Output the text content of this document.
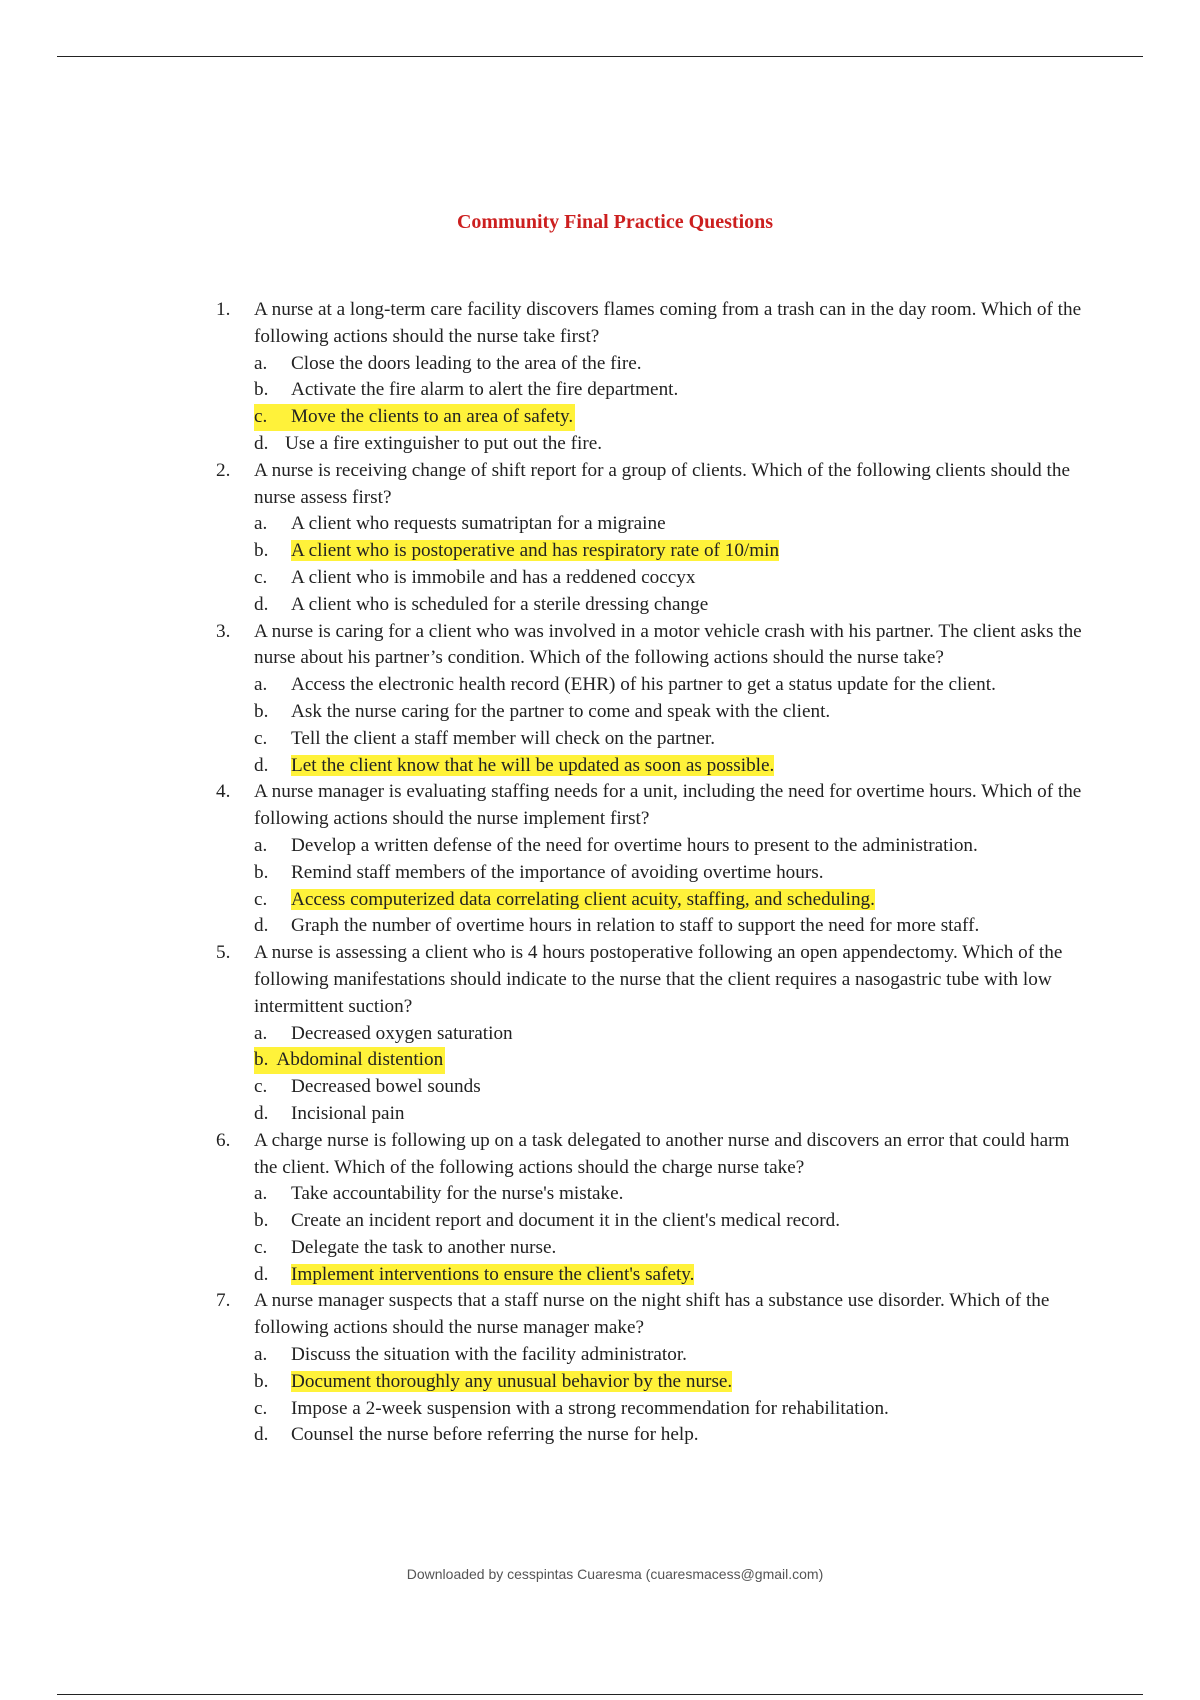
Community Final Practice Questions
1. A nurse at a long-term care facility discovers flames coming from a trash can in the day room. Which of the following actions should the nurse take first?
a. Close the doors leading to the area of the fire.
b. Activate the fire alarm to alert the fire department.
c. Move the clients to an area of safety.
d. Use a fire extinguisher to put out the fire.
2. A nurse is receiving change of shift report for a group of clients. Which of the following clients should the nurse assess first?
a. A client who requests sumatriptan for a migraine
b. A client who is postoperative and has respiratory rate of 10/min
c. A client who is immobile and has a reddened coccyx
d. A client who is scheduled for a sterile dressing change
3. A nurse is caring for a client who was involved in a motor vehicle crash with his partner. The client asks the nurse about his partner’s condition. Which of the following actions should the nurse take?
a. Access the electronic health record (EHR) of his partner to get a status update for the client.
b. Ask the nurse caring for the partner to come and speak with the client.
c. Tell the client a staff member will check on the partner.
d. Let the client know that he will be updated as soon as possible.
4. A nurse manager is evaluating staffing needs for a unit, including the need for overtime hours. Which of the following actions should the nurse implement first?
a. Develop a written defense of the need for overtime hours to present to the administration.
b. Remind staff members of the importance of avoiding overtime hours.
c. Access computerized data correlating client acuity, staffing, and scheduling.
d. Graph the number of overtime hours in relation to staff to support the need for more staff.
5. A nurse is assessing a client who is 4 hours postoperative following an open appendectomy. Which of the following manifestations should indicate to the nurse that the client requires a nasogastric tube with low intermittent suction?
a. Decreased oxygen saturation
b. Abdominal distention
c. Decreased bowel sounds
d. Incisional pain
6. A charge nurse is following up on a task delegated to another nurse and discovers an error that could harm the client. Which of the following actions should the charge nurse take?
a. Take accountability for the nurse's mistake.
b. Create an incident report and document it in the client's medical record.
c. Delegate the task to another nurse.
d. Implement interventions to ensure the client's safety.
7. A nurse manager suspects that a staff nurse on the night shift has a substance use disorder. Which of the following actions should the nurse manager make?
a. Discuss the situation with the facility administrator.
b. Document thoroughly any unusual behavior by the nurse.
c. Impose a 2-week suspension with a strong recommendation for rehabilitation.
d. Counsel the nurse before referring the nurse for help.
Downloaded by cesspintas Cuaresma (cuaresmacess@gmail.com)
